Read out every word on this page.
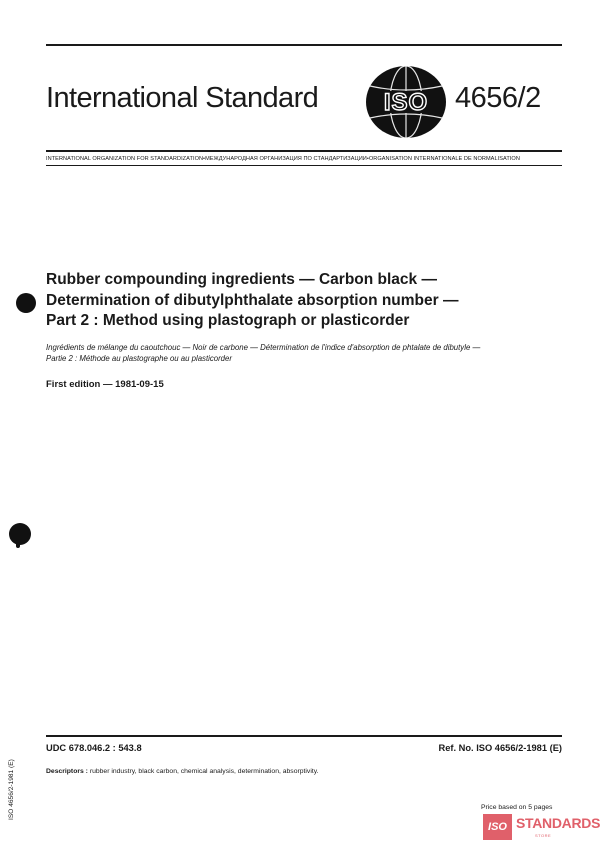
International Standard	ISO 4656/2
INTERNATIONAL ORGANIZATION FOR STANDARDIZATION•МЕЖДУНАРОДНАЯ ОРГАНИЗАЦИЯ ПО СТАНДАРТИЗАЦИИ•ORGANISATION INTERNATIONALE DE NORMALISATION
Rubber compounding ingredients — Carbon black —
Determination of dibutylphthalate absorption number —
Part 2 : Method using plastograph or plasticorder
Ingrédients de mélange du caoutchouc — Noir de carbone — Détermination de l'indice d'absorption de phtalate de dibutyle —
Partie 2 : Méthode au plastographe ou au plasticorder
First edition — 1981-09-15
UDC 678.046.2 : 543.8	Ref. No. ISO 4656/2-1981 (E)
Descriptors : rubber industry, black carbon, chemical analysis, determination, absorptivity.
ISO 4656/2-1981 (E)	Price based on 5 pages
ISO STANDARDS
STORE
